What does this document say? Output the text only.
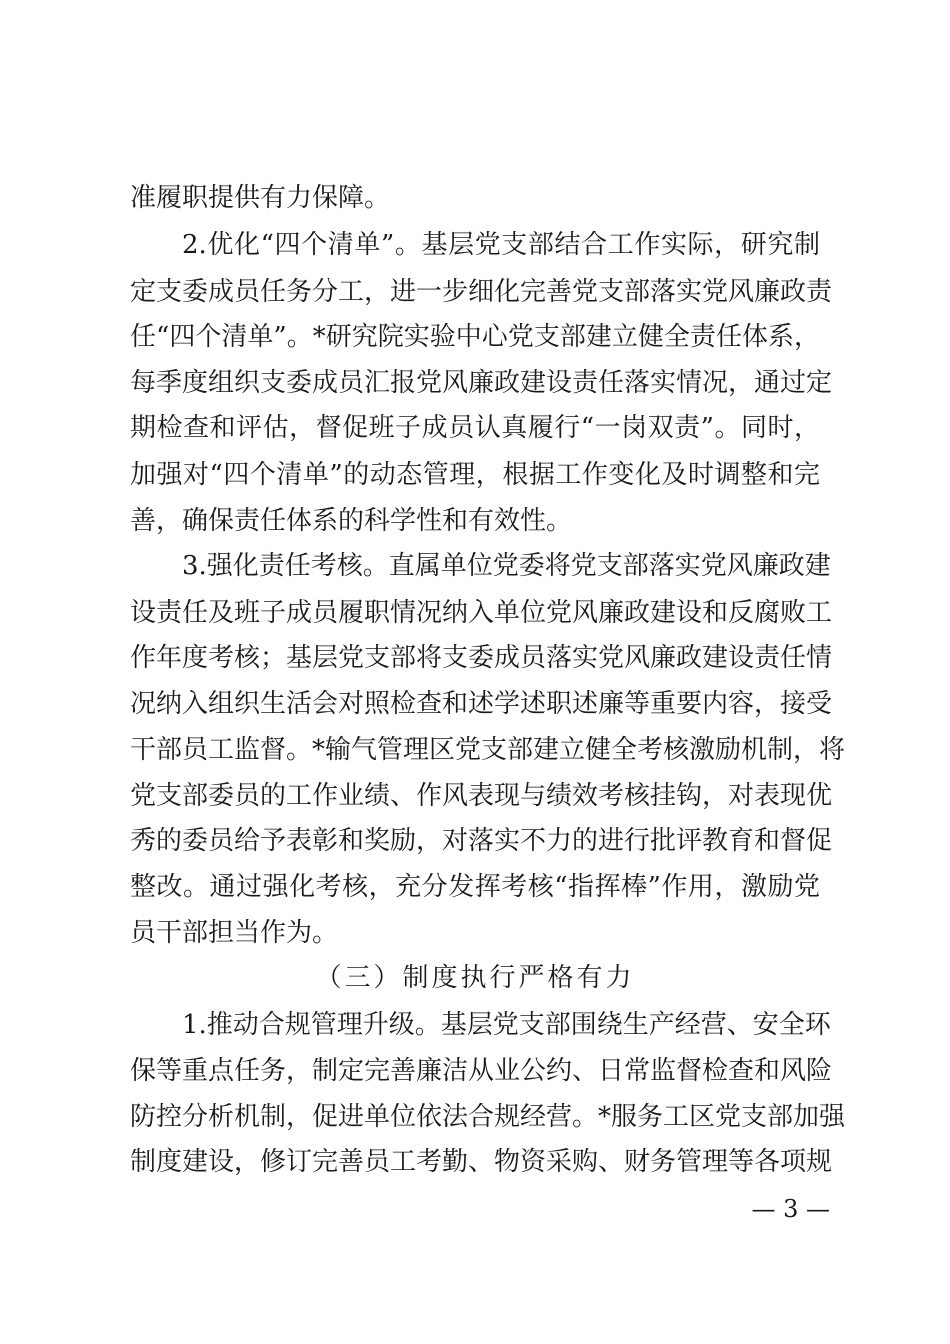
准履职提供有力保障。
2.优化“四个清单”。基层党支部结合工作实际，研究制
定支委成员任务分工，进一步细化完善党支部落实党风廉政责
任“四个清单”。*研究院实验中心党支部建立健全责任体系，
每季度组织支委成员汇报党风廉政建设责任落实情况，通过定
期检查和评估，督促班子成员认真履行“一岗双责”。同时，
加强对“四个清单”的动态管理，根据工作变化及时调整和完
善，确保责任体系的科学性和有效性。
3.强化责任考核。直属单位党委将党支部落实党风廉政建
设责任及班子成员履职情况纳入单位党风廉政建设和反腐败工
作年度考核；基层党支部将支委成员落实党风廉政建设责任情
况纳入组织生活会对照检查和述学述职述廉等重要内容，接受
干部员工监督。*输气管理区党支部建立健全考核激励机制，将
党支部委员的工作业绩、作风表现与绩效考核挂钩，对表现优
秀的委员给予表彰和奖励，对落实不力的进行批评教育和督促
整改。通过强化考核，充分发挥考核“指挥棒”作用，激励党
员干部担当作为。
（三）制度执行严格有力
1.推动合规管理升级。基层党支部围绕生产经营、安全环
保等重点任务，制定完善廉洁从业公约、日常监督检查和风险
防控分析机制，促进单位依法合规经营。*服务工区党支部加强
制度建设，修订完善员工考勤、物资采购、财务管理等各项规
— 3 —
